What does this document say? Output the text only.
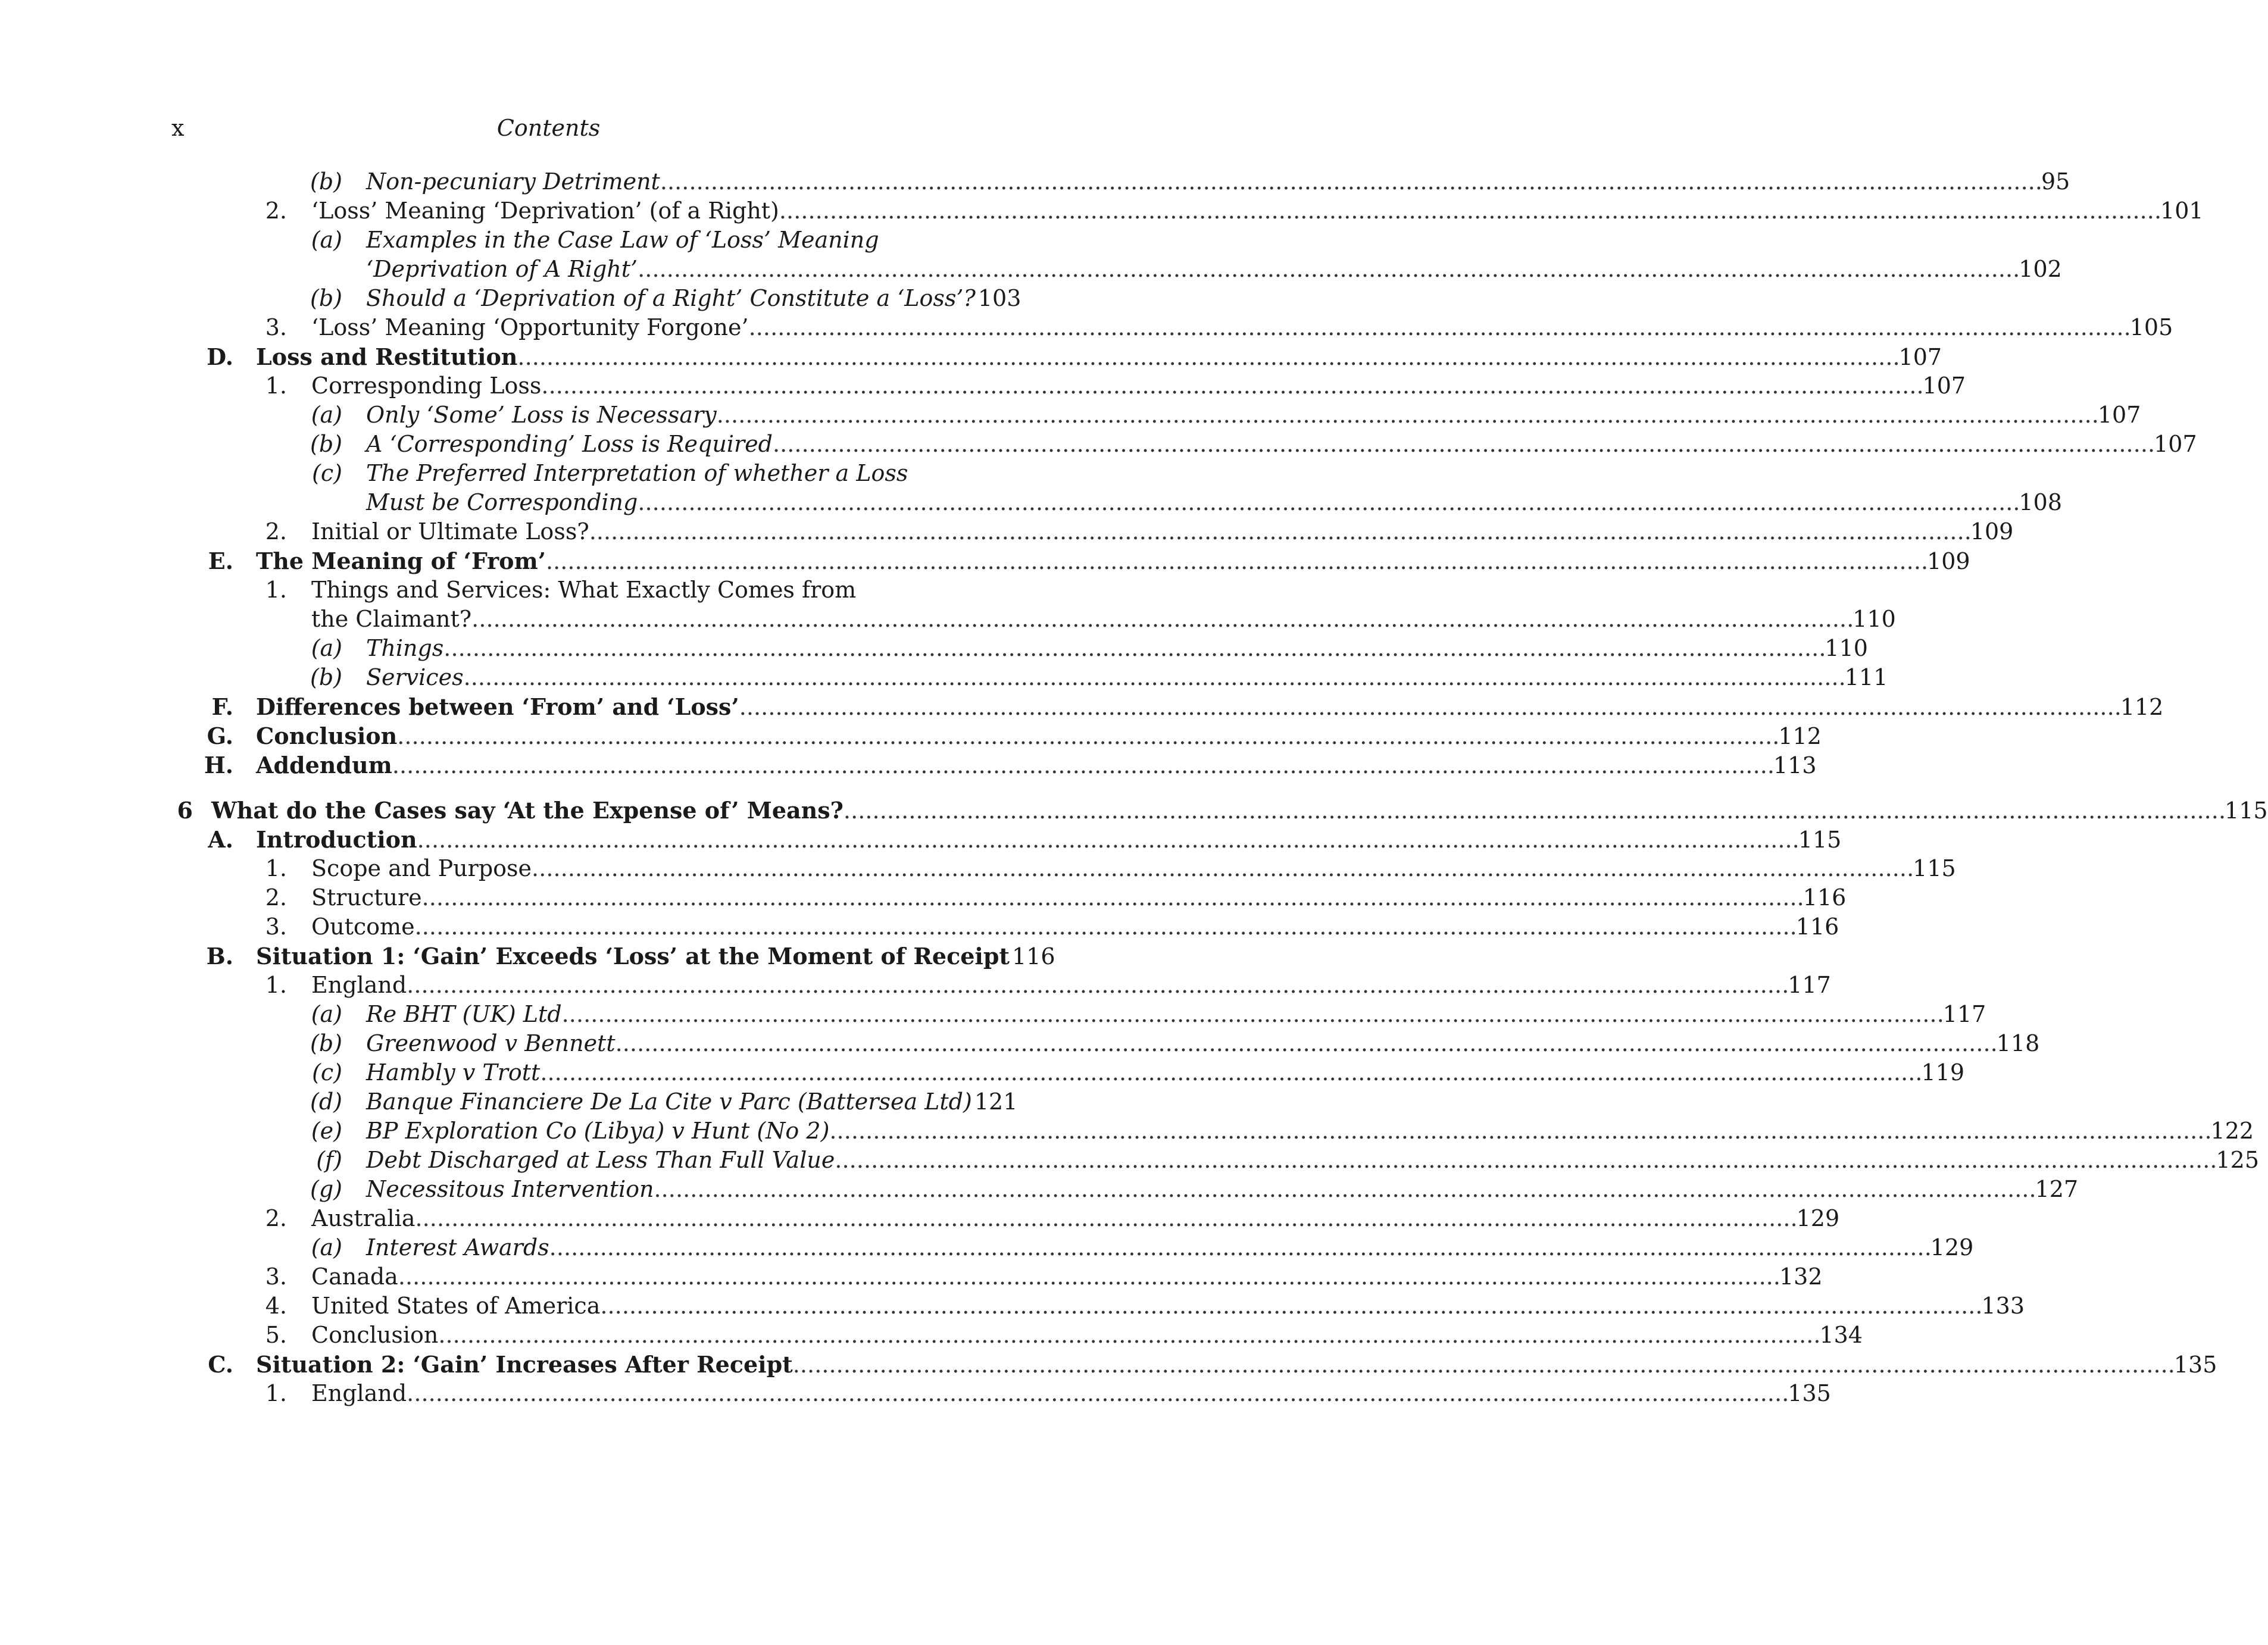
x	Contents
(b) Non-pecuniary Detriment . . .	95
2. ‘Loss’ Meaning ‘Deprivation’ (of a Right) . . .	101
(a) Examples in the Case Law of ‘Loss’ Meaning
‘Deprivation of A Right’ . . .	102
(b) Should a ‘Deprivation of a Right’ Constitute a ‘Loss’? 103
3. ‘Loss’ Meaning ‘Opportunity Forgone’ . . .	105
D. Loss and Restitution . . .	107
1. Corresponding Loss . . .	107
(a) Only ‘Some’ Loss is Necessary . . .	107
(b) A ‘Corresponding’ Loss is Required . . .	107
(c) The Preferred Interpretation of whether a Loss
Must be Corresponding . . .	108
2. Initial or Ultimate Loss? . . .	109
E. The Meaning of ‘From’ . . .	109
1. Things and Services: What Exactly Comes from
the Claimant? . . .	110
(a) Things . . .	110
(b) Services . . .	111
F. Differences between ‘From’ and ‘Loss’ . . .	112
G. Conclusion . . .	112
H. Addendum . . .	113
6 What do the Cases say ‘At the Expense of’ Means? . . .	115
A. Introduction . . .	115
1. Scope and Purpose . . .	115
2. Structure . . .	116
3. Outcome . . .	116
B. Situation 1: ‘Gain’ Exceeds ‘Loss’ at the Moment of Receipt 116
1. England . . .	117
(a) Re BHT (UK) Ltd . . .	117
(b) Greenwood v Bennett . . .	118
(c) Hambly v Trott . . .	119
(d) Banque Financiere De La Cite v Parc (Battersea Ltd) 121
(e) BP Exploration Co (Libya) v Hunt (No 2) . . .	122
(f) Debt Discharged at Less Than Full Value . . .	125
(g) Necessitous Intervention . . .	127
2. Australia . . .	129
(a) Interest Awards . . .	129
3. Canada . . .	132
4. United States of America . . .	133
5. Conclusion . . .	134
C. Situation 2: ‘Gain’ Increases After Receipt . . .	135
1. England . . .	135
